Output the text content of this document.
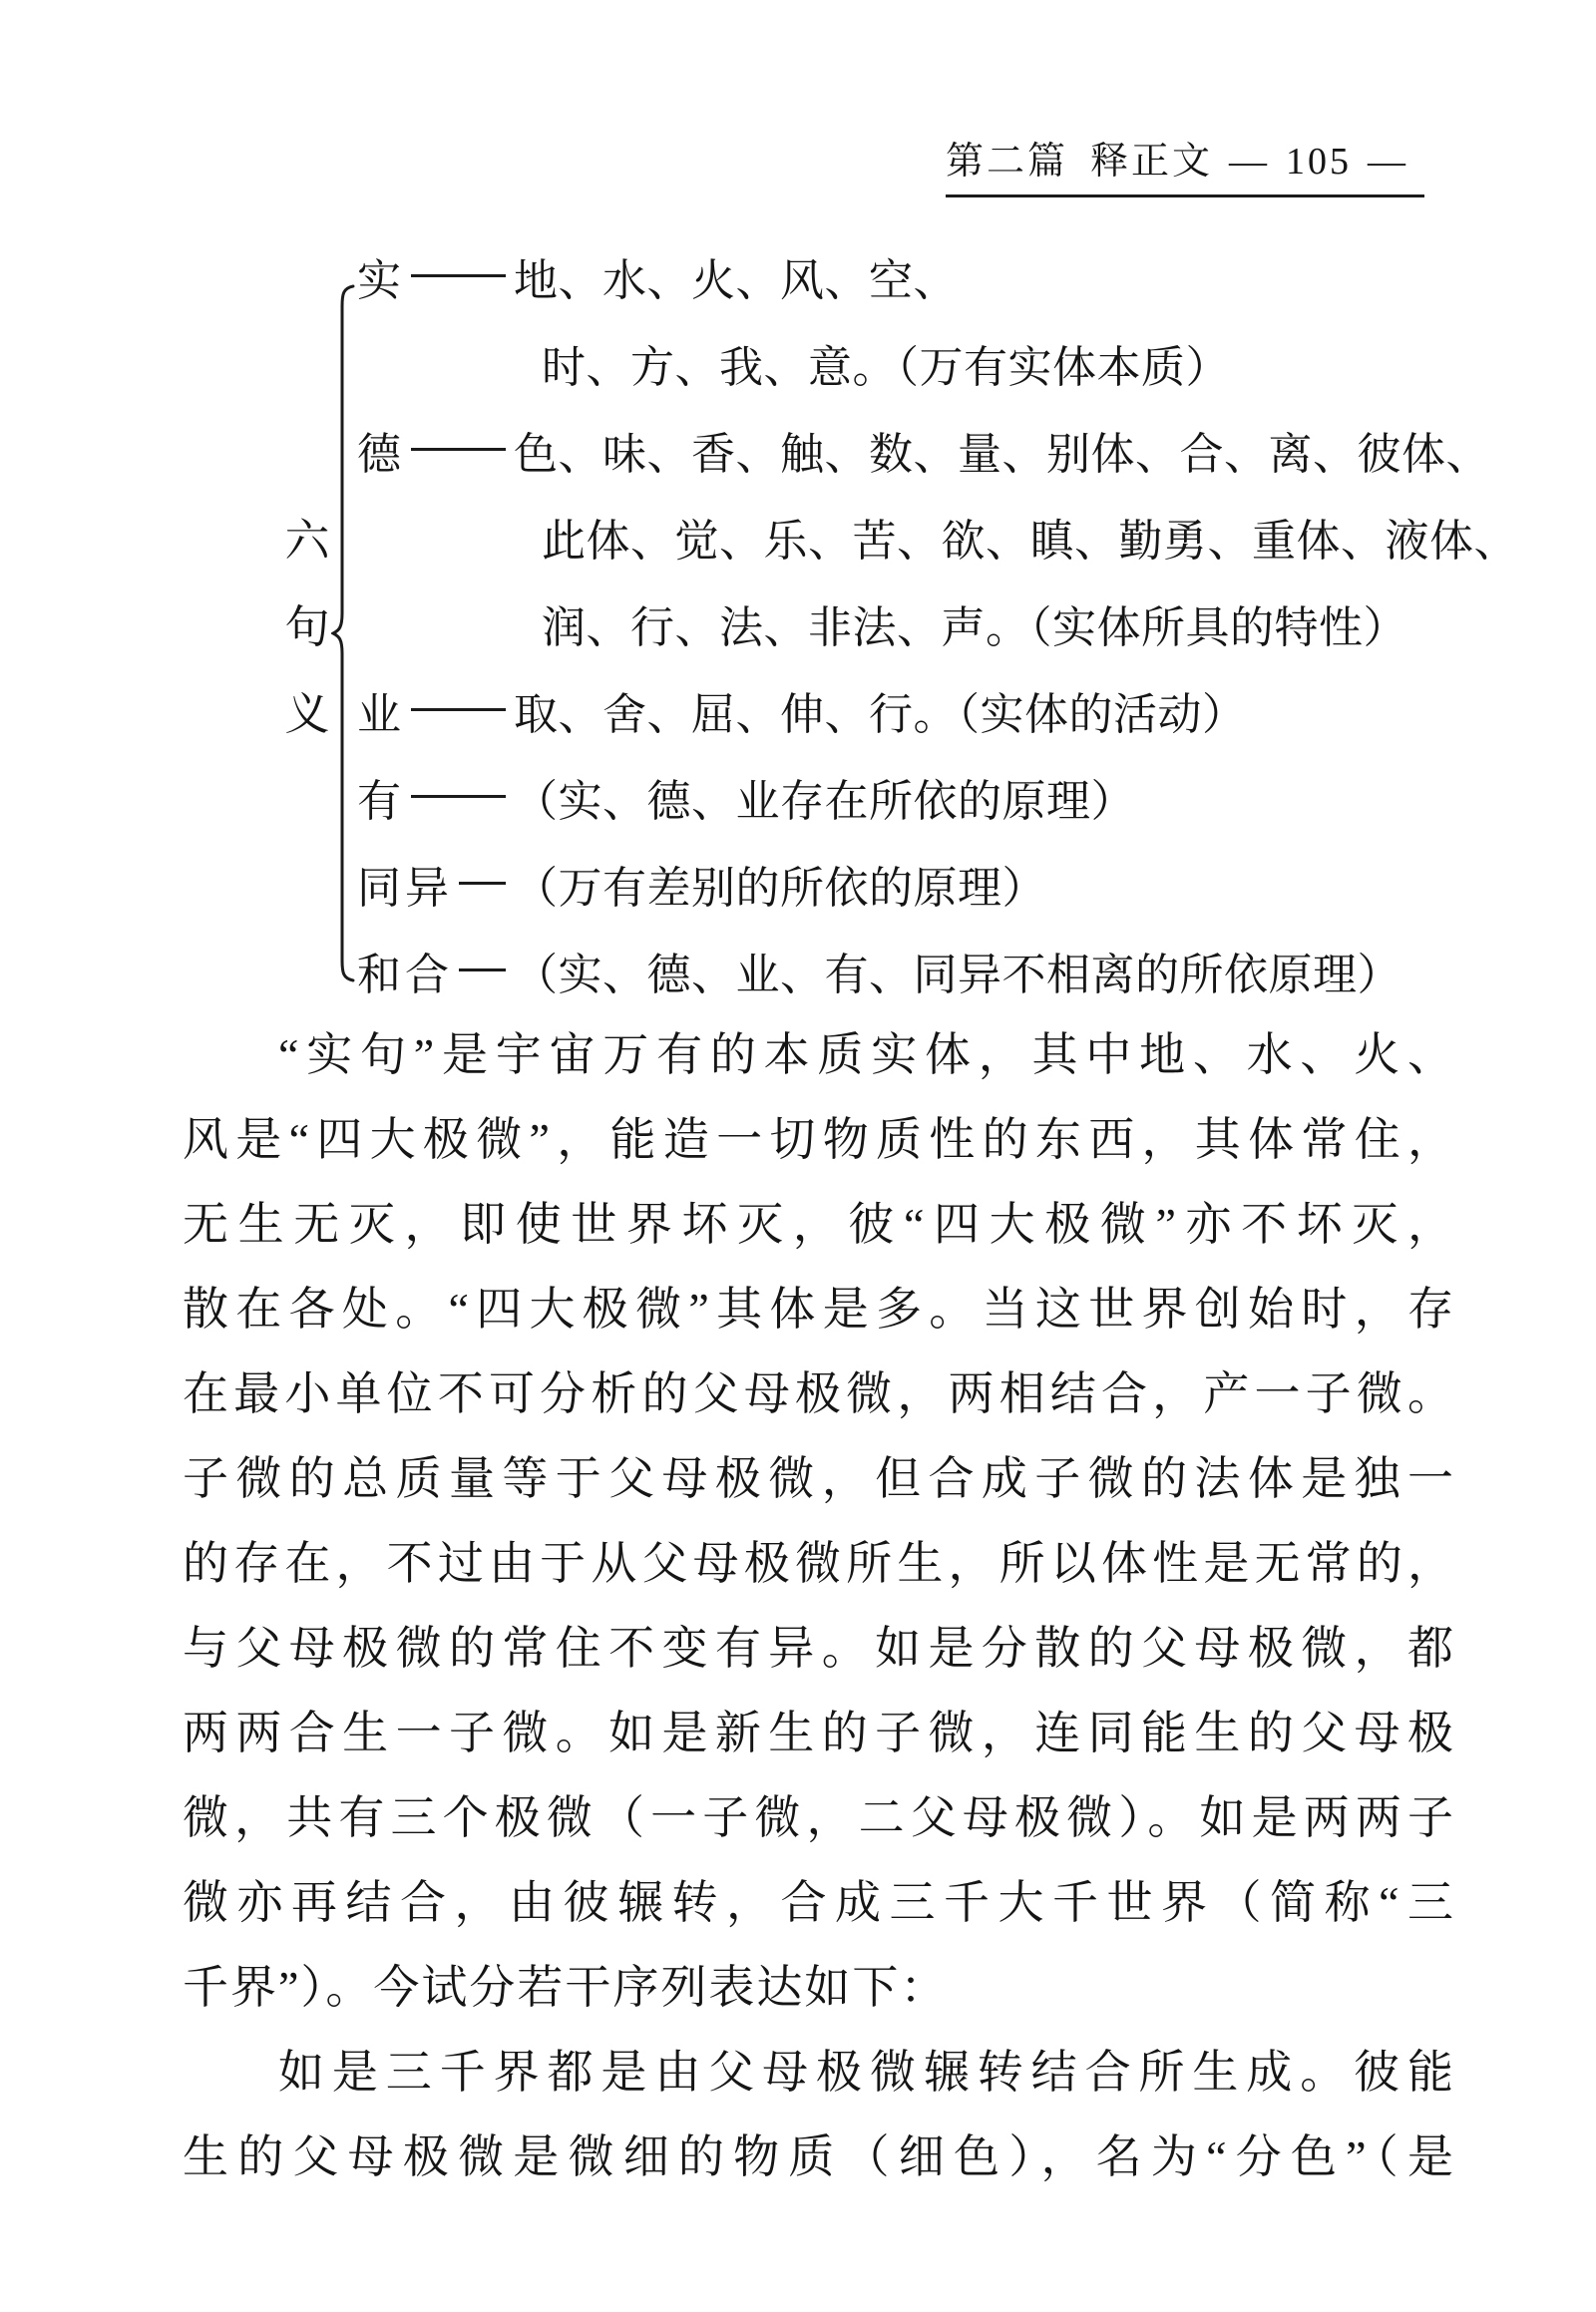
第二篇 释正文 — 105 —
六
句
义
实 地、水、火、风、空、
时、方、我、意。（万有实体本质）
德 色、味、香、触、数、量、别体、合、离、彼体、
此体、觉、乐、苦、欲、瞋、勤勇、重体、液体、
润、行、法、非法、声。（实体所具的特性）
业 取、舍、屈、伸、行。（实体的活动）
有 （实、德、业存在所依的原理）
同异 （万有差别的所依的原理）
和合 （实、德、业、有、同异不相离的所依原理）
“实句”是宇宙万有的本质实体，其中地、水、火、
风是“四大极微”，能造一切物质性的东西，其体常住，
无生无灭，即使世界坏灭，彼“四大极微”亦不坏灭，
散在各处。“四大极微”其体是多。当这世界创始时，存
在最小单位不可分析的父母极微，两相结合，产一子微。
子微的总质量等于父母极微，但合成子微的法体是独一
的存在，不过由于从父母极微所生，所以体性是无常的，
与父母极微的常住不变有异。如是分散的父母极微，都
两两合生一子微。如是新生的子微，连同能生的父母极
微，共有三个极微（一子微，二父母极微）。如是两两子
微亦再结合，由彼辗转，合成三千大千世界（简称“三
千界”）。今试分若干序列表达如下：
如是三千界都是由父母极微辗转结合所生成。彼能
生的父母极微是微细的物质（细色），名为“分色”（是
